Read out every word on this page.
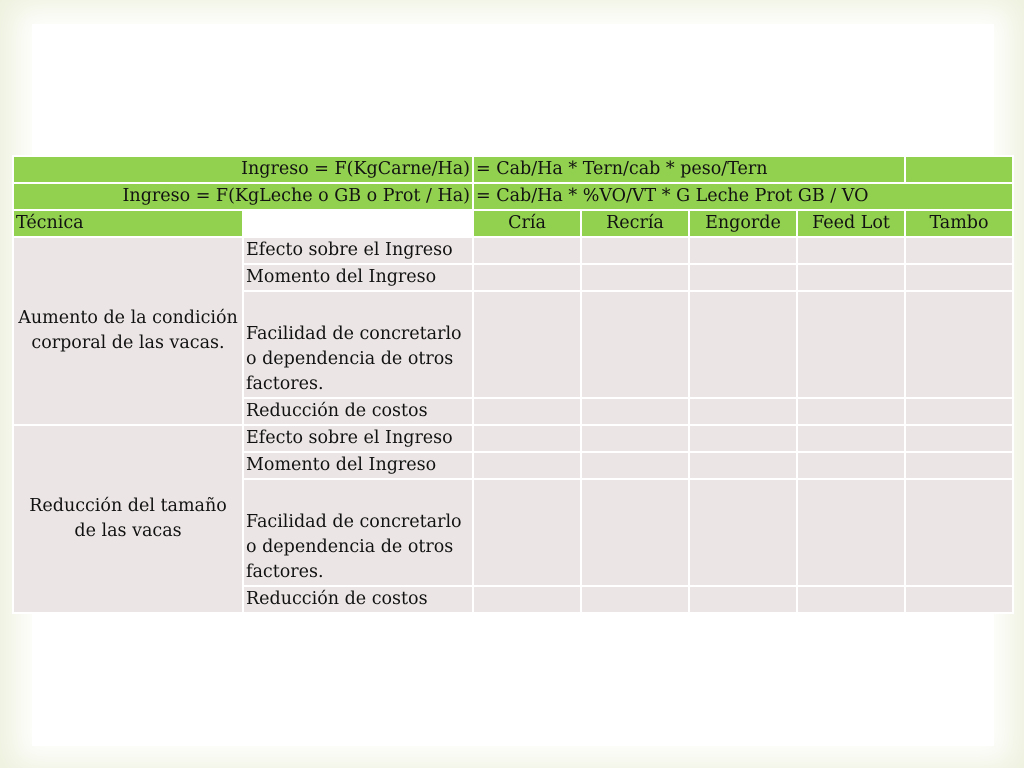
Ingreso = F(KgCarne/Ha)		= Cab/Ha * Tern/cab * peso/Tern				
Ingreso = F(KgLeche o GB o Prot / Ha)		= Cab/Ha * %VO/VT * G Leche Prot GB / VO				
Técnica		Cría	Recría	Engorde	Feed Lot	Tambo
Aumento de la condición corporal de las vacas.	Efecto sobre el Ingreso					
	Momento del Ingreso					
	Facilidad de concretarlo o dependencia de otros factores.					
	Reducción de costos					
Reducción del tamaño de las vacas	Efecto sobre el Ingreso					
	Momento del Ingreso					
	Facilidad de concretarlo o dependencia de otros factores.					
	Reducción de costos					
